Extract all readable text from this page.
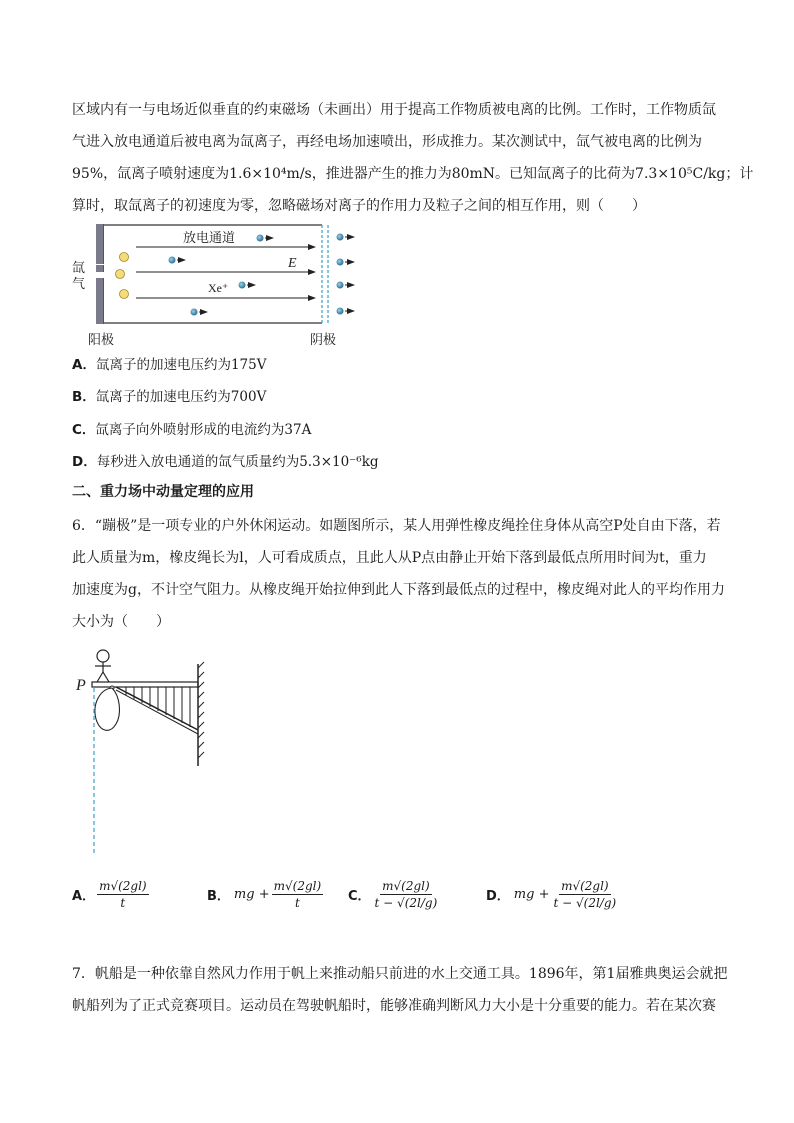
区域内有一与电场近似垂直的约束磁场（未画出）用于提高工作物质被电离的比例。工作时，工作物质氙
气进入放电通道后被电离为氙离子，再经电场加速喷出，形成推力。某次测试中，氙气被电离的比例为
95%，氙离子喷射速度为1.6×10⁴m/s，推进器产生的推力为80mN。已知氙离子的比荷为7.3×10⁵C/kg；计
算时，取氙离子的初速度为零，忽略磁场对离子的作用力及粒子之间的相互作用，则（　　）
放电通道
E
Xe⁺
氙
气
阳极	阴极
A．氙离子的加速电压约为175V
B．氙离子的加速电压约为700V
C．氙离子向外喷射形成的电流约为37A
D．每秒进入放电通道的氙气质量约为5.3×10⁻⁶kg
二、重力场中动量定理的应用
6．“蹦极”是一项专业的户外休闲运动。如题图所示，某人用弹性橡皮绳拴住身体从高空P处自由下落，若
此人质量为m，橡皮绳长为l，人可看成质点，且此人从P点由静止开始下落到最低点所用时间为t，重力
加速度为g，不计空气阻力。从橡皮绳开始拉伸到此人下落到最低点的过程中，橡皮绳对此人的平均作用力
大小为（　　）
P
A． $\frac{m√(2gl)}{t}$	B． mg + $\frac{m√(2gl)}{t}$ C． $\frac{m√(2gl)}{t - √(2l/g)}$	D． mg + $\frac{m√(2gl)}{t - √(2l/g)}$
7．帆船是一种依靠自然风力作用于帆上来推动船只前进的水上交通工具。1896年，第1届雅典奥运会就把
帆船列为了正式竞赛项目。运动员在驾驶帆船时，能够准确判断风力大小是十分重要的能力。若在某次赛
